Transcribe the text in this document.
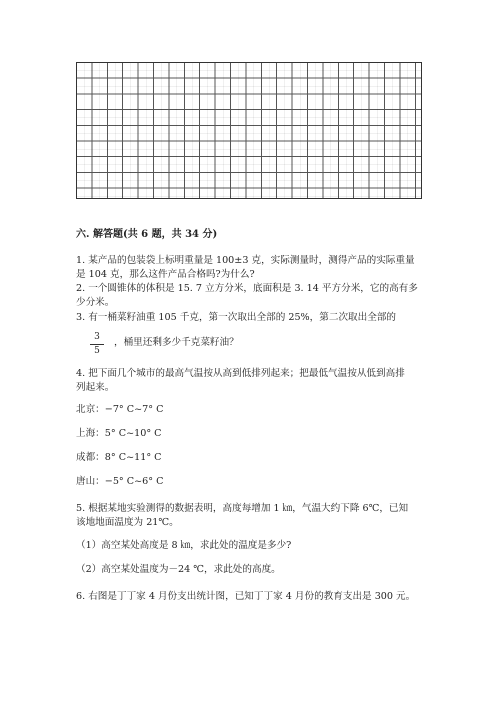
六. 解答题(共 6 题，共 34 分)
1. 某产品的包装袋上标明重量是 100±3 克，实际测量时，测得产品的实际重量
是 104 克，那么这件产品合格吗?为什么?
2. 一个圆锥体的体积是 15. 7 立方分米，底面积是 3. 14 平方分米，它的高有多
少分米。
3. 有一桶菜籽油重 105 千克，第一次取出全部的 25%，第二次取出全部的
$\frac{3}{5}$ ，桶里还剩多少千克菜籽油？
4. 把下面几个城市的最高气温按从高到低排列起来；把最低气温按从低到高排
列起来。
北京：−7° C~7° C
上海：5° C~10° C
成都：8° C~11° C
唐山：−5° C~6° C
5. 根据某地实验测得的数据表明，高度每增加 1 ㎞，气温大约下降 6℃，已知
该地地面温度为 21℃。
（1）高空某处高度是 8 ㎞，求此处的温度是多少?
（2）高空某处温度为－24 ℃，求此处的高度。
6. 右图是丁丁家 4 月份支出统计图，已知丁丁家 4 月份的教育支出是 300 元。
